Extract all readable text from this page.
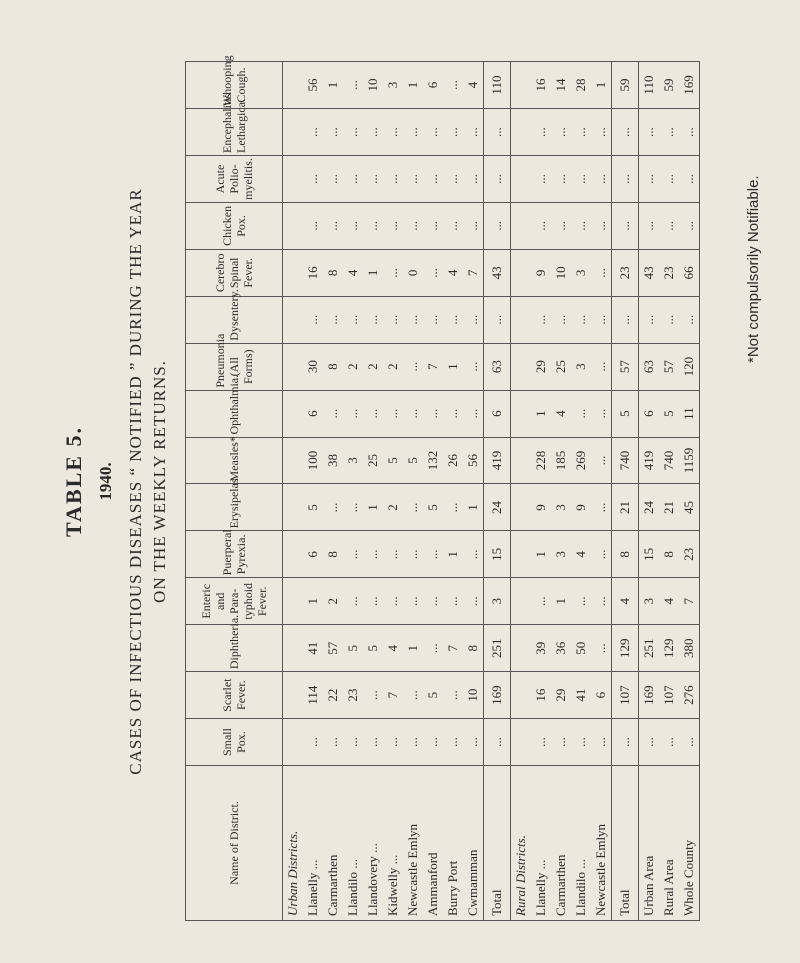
TABLE 5. 1940. CASES OF INFECTIOUS DISEASES “ NOTIFIED ” DURING THE YEAR ON THE WEEKLY RETURNS.
Name of District.	Small Pox.	Scarlet Fever.	Diphtheria.	Enteric and Para-typhoid Fever.	Puerperal Pyrexia.	Erysipelas.	Measles*	Ophthalmia.	Pneumonia (All Forms)	Dysentery.	Cerebro Spinal Fever.	Chicken Pox.	Acute Polio-myelitis.	Encephalitis Lethargica.	Whooping Cough.
Urban Districts.															
Llanelly ...	...	114	41	1	6	5	100	6	30	...	16	...	...	...	56
Carmarthen	...	22	57	2	8	...	38	...	8	...	8	...	...	...	1
Llandilo ...	...	23	5	...	...	...	3	...	2	...	4	...	...	...	...
Llandovery ...	...	...	5	...	...	1	25	...	2	...	1	...	...	...	10
Kidwelly ...	...	7	4	...	...	2	5	...	2	...	...	...	...	...	3
Newcastle Emlyn	...	...	1	...	...	...	5	...	...	...	0	...	...	...	1
Ammanford	...	5	...	...	...	5	132	...	7	...	...	...	...	...	6
Burry Port	...	...	7	...	1	...	26	...	1	...	4	...	...	...	...
Cwmamman	...	10	8	...	...	1	56	...	...	...	7	...	...	...	4
Total	...	169	251	3	15	24	419	6	63	...	43	...	...	...	110
Rural Districts.															
Llanelly ...	...	16	39	...	1	9	228	1	29	...	9	...	...	...	16
Carmarthen	...	29	36	1	3	3	185	4	25	...	10	...	...	...	14
Llandilo ...	...	41	50	...	4	9	269	...	3	...	3	...	...	...	28
Newcastle Emlyn	...	6	...	...	...	...	...	...	...	...	...	...	...	...	1
Total	...	107	129	4	8	21	740	5	57	...	23	...	...	...	59
Urban Area	...	169	251	3	15	24	419	6	63	...	43	...	...	...	110
Rural Area	...	107	129	4	8	21	740	5	57	...	23	...	...	...	59
Whole County	...	276	380	7	23	45	1159	11	120	...	66	...	...	...	169
*Not compulsorily Notifiable.
